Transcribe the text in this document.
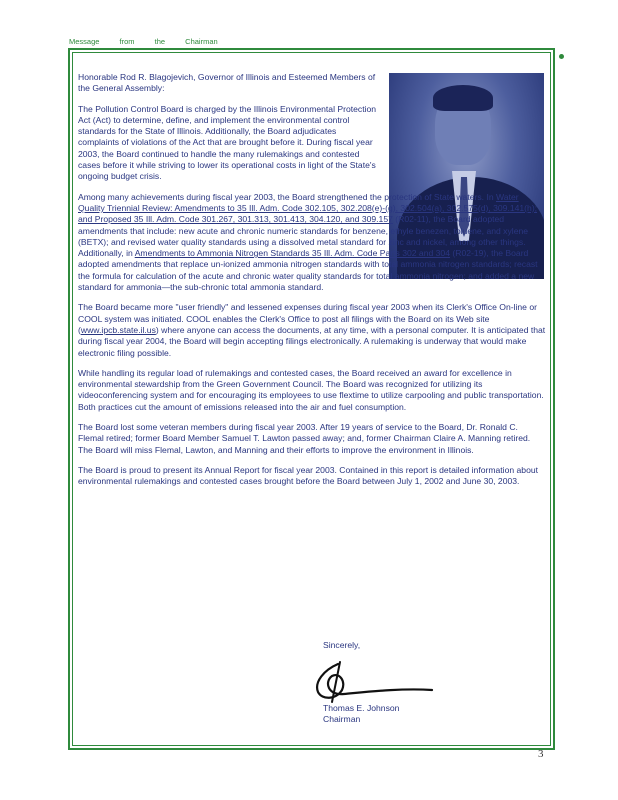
Message	from	the	Chairman

Honorable Rod R. Blagojevich, Governor of Illinois and Esteemed Members of the General Assembly:

The Pollution Control Board is charged by the Illinois Environmental Protection Act (Act) to determine, define, and implement the environmental control standards for the State of Illinois. Additionally, the Board adjudicates complaints of violations of the Act that are brought before it. During fiscal year 2003, the Board continued to handle the many rulemakings and contested cases before it while striving to lower its operational costs in light of the State's ongoing budget crisis.

Among many achievements during fiscal year 2003, the Board strengthened the protection of State waters. In Water Quality Triennial Review: Amendments to 35 Ill. Adm. Code 302.105, 302.208(e)-(g), 302.504(a), 302.575(d), 309.141(h); and Proposed 35 Ill. Adm. Code 301.267, 301.313, 301.413, 304.120, and 309.157 (R02-11), the Board adopted amendments that include: new acute and chronic numeric standards for benzene, ethyle benezen, toluene, and xylene (BETX); and revised water quality standards using a dissolved metal standard for zinc and nickel, among other things. Additionally, in Amendments to Ammonia Nitrogen Standards 35 Ill. Adm. Code Parts 302 and 304 (R02-19), the Board adopted amendments that replace un-ionized ammonia nitrogen standards with total ammonia nitrogen standards; recast the formula for calculation of the acute and chronic water quality standards for total ammonia nitrogen; and added a new standard for ammonia—the sub-chronic total ammonia standard.

The Board became more "user friendly" and lessened expenses during fiscal year 2003 when its Clerk's Office On-line or COOL system was initiated. COOL enables the Clerk's Office to post all filings with the Board on its Web site (www.ipcb.state.il.us) where anyone can access the documents, at any time, with a personal computer. It is anticipated that during fiscal year 2004, the Board will begin accepting filings electronically. A rulemaking is underway that would make electronic filing possible.

While handling its regular load of rulemakings and contested cases, the Board received an award for excellence in environmental stewardship from the Green Government Council. The Board was recognized for utilizing its videoconferencing system and for encouraging its employees to use flextime to utilize carpooling and public transportation. Both practices cut the amount of emissions released into the air and fuel consumption.

The Board lost some veteran members during fiscal year 2003. After 19 years of service to the Board, Dr. Ronald C. Flemal retired; former Board Member Samuel T. Lawton passed away; and, former Chairman Claire A. Manning retired. The Board will miss Flemal, Lawton, and Manning and their efforts to improve the environment in Illinois.

The Board is proud to present its Annual Report for fiscal year 2003. Contained in this report is detailed information about environmental rulemakings and contested cases brought before the Board between July 1, 2002 and June 30, 2003.

Sincerely,
Thomas E. Johnson
Chairman
3
